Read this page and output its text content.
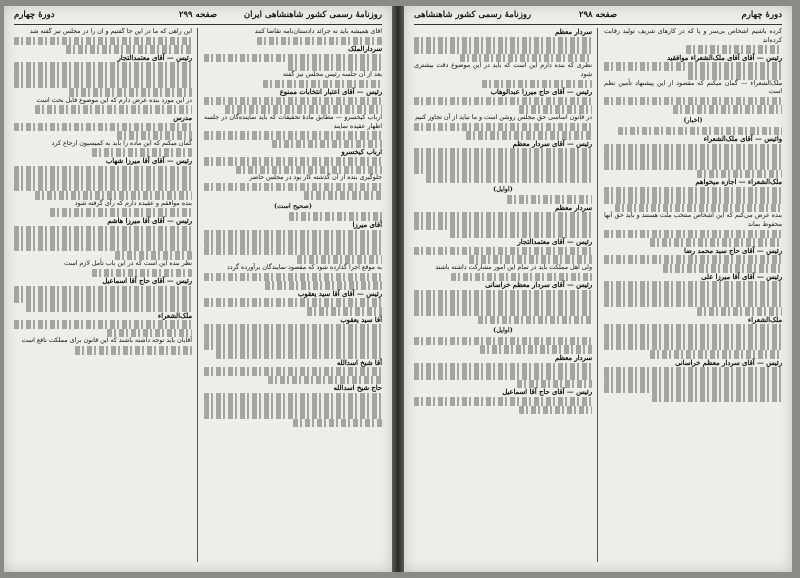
روزنامهٔ رسمی کشور شاهنشاهی ایران
صفحه ۲۹۹
دورهٔ چهارم
آقای همیشه باید نه جرائد دادستان‌نامه تقاضا کنند
سردارالملک
بعد از آن جلسه رئیس مجلس نیز گفته
رئیس — آقای اعتبار انتخابات ممنوع
ارباب کیخسرو — مطابق مادهٔ تحقیقات که باید نماینده‌گان در جلسه اظهار عقیده نمایند
ارباب کیخسرو
جلوگیری بنده از آن گذشته کار بود در مجلس حاضر
(صحیح است)
آقای میرزا
به موقع اجرا گذارده شود که مقصود نمایندگان برآورده گردد
رئیس — آقای آقا سید یعقوب
آقا سید یعقوب
آقا شیخ اسدالله
حاج شیخ اسدالله
این راهی که ما در این جا گفتیم و آن را در مجلس نیز گفته شد
رئیس — آقای معتمدالتجار
در این مورد بنده عرض دارم که این موضوع قابل بحث است
مدرس
گمان میکنم که این ماده را باید به کمیسیون ارجاع کرد
رئیس — آقای آقا میرزا شهاب
بنده موافقم و عقیده دارم که رأی گرفته شود
رئیس — آقای آقا میرزا هاشم
نظر بنده این است که در این باب تأمل لازم است
رئیس — آقای حاج آقا اسماعیل
ملک‌الشعراء
آقایان باید توجه داشته باشند که این قانون برای مملکت نافع است
دورهٔ چهارم
صفحه ۲۹۸
روزنامهٔ رسمی کشور شاهنشاهی
کرده باشیم اشخاص بی‌سر و پا که در کارهای شریف تولید رقابت کرده‌اند
رئیس — آقای آقای ملک‌الشعراء موافقید
ملک‌الشعراء — گمان میکنم که مقصود از این پیشنهاد تأمین نظم است
(اخبار)
وائیس — آقای ملک‌الشعراء
ملک‌الشعراء — اجازه میخواهم
بنده عرض می‌کنم که این اشخاص منتخب ملت هستند و باید حق آنها محفوظ بماند
رئیس — آقای حاج سید محمد رضا
رئیس — آقای آقا میرزا علی
ملک‌الشعراء
رئیس — آقای سردار معظم خراسانی
سردار معظم
نظری که بنده دارم این است که باید در این موضوع دقت بیشتری شود
رئیس — آقای حاج میرزا عبدالوهاب
در قانون اساسی حق مجلس روشن است و ما نباید از آن تجاوز کنیم
رئیس — آقای سردار معظم
(اوایل)
سردار معظم
رئیس — آقای معتمدالتجار
ولی اهل مملکت باید در تمام این امور مشارکت داشته باشند
رئیس — آقای سردار معظم خراسانی
(اوایل)
سردار معظم
رئیس — آقای حاج آقا اسماعیل
